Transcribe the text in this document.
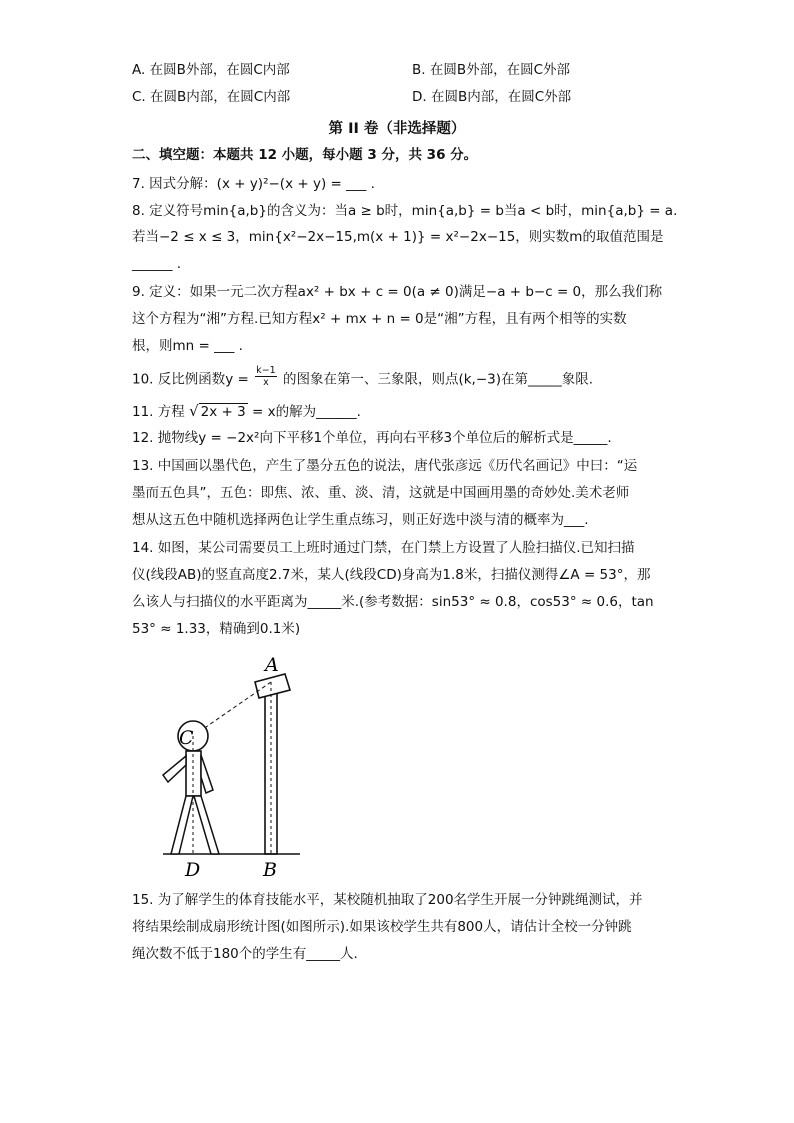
A. 在圆B外部，在圆C内部	B. 在圆B外部，在圆C外部
C. 在圆B内部，在圆C内部	D. 在圆B内部，在圆C外部
第 II 卷（非选择题）
二、填空题：本题共 12 小题，每小题 3 分，共 36 分。
7. 因式分解：(x + y)²−(x + y) = ___ .
8. 定义符号min{a,b}的含义为：当a ≥ b时，min{a,b} = b当a < b时，min{a,b} = a.
若当−2 ≤ x ≤ 3，min{x²−2x−15,m(x + 1)} = x²−2x−15，则实数m的取值范围是
______ .
9. 定义：如果一元二次方程ax² + bx + c = 0(a ≠ 0)满足−a + b−c = 0，那么我们称
这个方程为“湘”方程.已知方程x² + mx + n = 0是“湘”方程，且有两个相等的实数
根，则mn = ___ .
10. 反比例函数$y = \frac{k-1}{x}$ 的图象在第一、三象限，则点(k,−3)在第_____象限.
11. 方程 √ 2x + 3 = x的解为______.
12. 抛物线y = −2x²向下平移1个单位，再向右平移3个单位后的解析式是_____.
13. 中国画以墨代色，产生了墨分五色的说法，唐代张彦远《历代名画记》中曰：“运
墨而五色具”，五色：即焦、浓、重、淡、清，这就是中国画用墨的奇妙处.美术老师
想从这五色中随机选择两色让学生重点练习，则正好选中淡与清的概率为___.
14. 如图，某公司需要员工上班时通过门禁，在门禁上方设置了人脸扫描仪.已知扫描
仪(线段AB)的竖直高度2.7米，某人(线段CD)身高为1.8米，扫描仪测得∠A = 53°，那
么该人与扫描仪的水平距离为_____米.(参考数据：sin53° ≈ 0.8，cos53° ≈ 0.6，tan
53° ≈ 1.33，精确到0.1米)
A
C
D	B
15. 为了解学生的体育技能水平，某校随机抽取了200名学生开展一分钟跳绳测试，并
将结果绘制成扇形统计图(如图所示).如果该校学生共有800人，请估计全校一分钟跳
绳次数不低于180个的学生有_____人.
